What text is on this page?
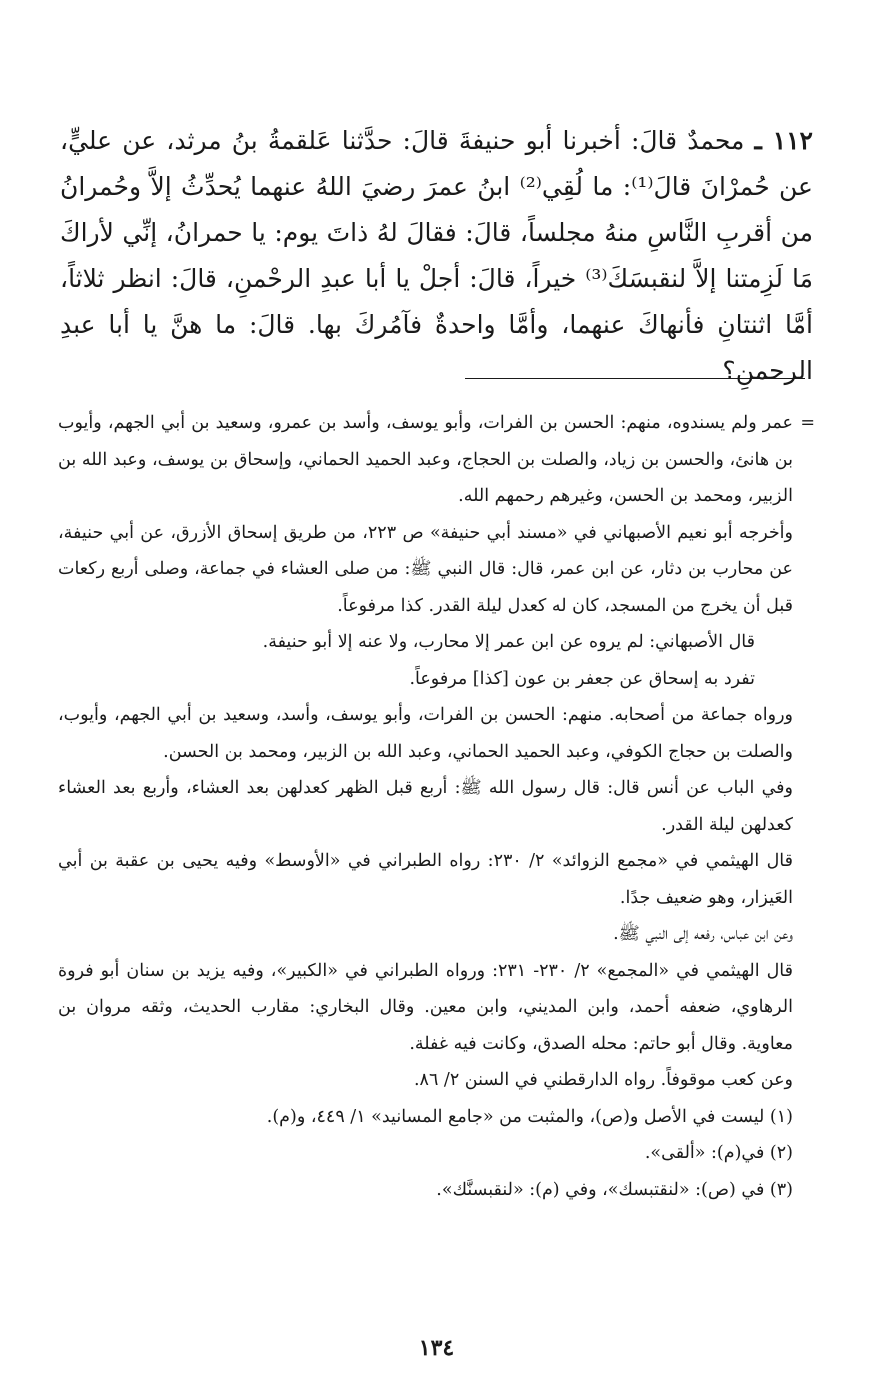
١١٢ ـ محمدٌ قالَ: أخبرنا أبو حنيفةَ قالَ: حدَّثنا عَلقمةُ بنُ مرثد، عن عليٍّ، عن حُمرْانَ قالَ⁽¹⁾: ما لُقِي⁽²⁾ ابنُ عمرَ رضيَ اللهُ عنهما يُحدِّثُ إلاَّ وحُمرانُ من أقربِ النَّاسِ منهُ مجلساً، قالَ: فقالَ لهُ ذاتَ يوم: يا حمرانُ، إنِّي لأراكَ مَا لَزِمتنا إلاَّ لنقبسَكَ⁽³⁾ خيراً، قالَ: أجلْ يا أبا عبدِ الرحْمنِ، قالَ: انظر ثلاثاً، أمَّا اثنتانِ فأنهاكَ عنهما، وأمَّا واحدةٌ فآمُركَ بها. قالَ: ما هنَّ يا أبا عبدِ الرحمنِ؟

=
عمر ولم يسندوه، منهم: الحسن بن الفرات، وأبو يوسف، وأسد بن عمرو، وسعيد بن أبي الجهم، وأيوب بن هانئ، والحسن بن زياد، والصلت بن الحجاج، وعبد الحميد الحماني، وإسحاق بن يوسف، وعبد الله بن الزبير، ومحمد بن الحسن، وغيرهم رحمهم الله.

وأخرجه أبو نعيم الأصبهاني في «مسند أبي حنيفة» ص ٢٢٣، من طريق إسحاق الأزرق، عن أبي حنيفة، عن محارب بن دثار، عن ابن عمر، قال: قال النبي ﷺ: من صلى العشاء في جماعة، وصلى أربع ركعات قبل أن يخرج من المسجد، كان له كعدل ليلة القدر. كذا مرفوعاً.

قال الأصبهاني: لم يروه عن ابن عمر إلا محارب، ولا عنه إلا أبو حنيفة.

تفرد به إسحاق عن جعفر بن عون [كذا] مرفوعاً.

ورواه جماعة من أصحابه. منهم: الحسن بن الفرات، وأبو يوسف، وأسد، وسعيد بن أبي الجهم، وأيوب، والصلت بن حجاج الكوفي، وعبد الحميد الحماني، وعبد الله بن الزبير، ومحمد بن الحسن.

وفي الباب عن أنس قال: قال رسول الله ﷺ: أربع قبل الظهر كعدلهن بعد العشاء، وأربع بعد العشاء كعدلهن ليلة القدر.

قال الهيثمي في «مجمع الزوائد» ٢/ ٢٣٠: رواه الطبراني في «الأوسط» وفيه يحيى بن عقبة بن أبي العَيزار، وهو ضعيف جدًا.

وعن ابن عباس، رفعه إلى النبي ﷺ.

قال الهيثمي في «المجمع» ٢/ ٢٣٠- ٢٣١: ورواه الطبراني في «الكبير»، وفيه يزيد بن سنان أبو فروة الرهاوي، ضعفه أحمد، وابن المديني، وابن معين. وقال البخاري: مقارب الحديث، وثقه مروان بن معاوية. وقال أبو حاتم: محله الصدق، وكانت فيه غفلة.

وعن كعب موقوفاً. رواه الدارقطني في السنن ٢/ ٨٦.

(١) ليست في الأصل و(ص)، والمثبت من «جامع المسانيد» ١/ ٤٤٩، و(م).
(٢) في(م): «ألقى».
(٣) في (ص): «لنقتبسك»، وفي (م): «لنقبسنَّك».
١٣٤
